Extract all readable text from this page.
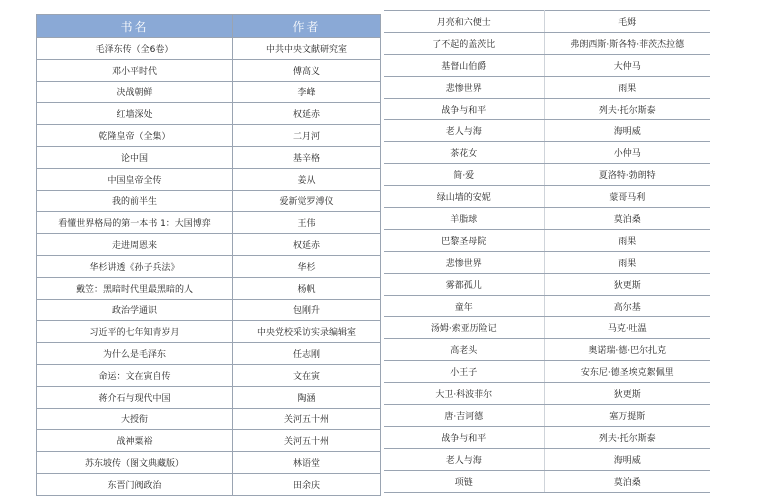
书名	作者
毛泽东传（全6卷）	中共中央文献研究室
邓小平时代	傅高义
决战朝鲜	李峰
红墙深处	权延赤
乾隆皇帝（全集）	二月河
论中国	基辛格
中国皇帝全传	姜从
我的前半生	爱新觉罗溥仪
看懂世界格局的第一本书 1：大国博弈	王伟
走进周恩来	权延赤
华杉讲透《孙子兵法》	华杉
戴笠：黑暗时代里最黑暗的人	杨帆
政治学通识	包刚升
习近平的七年知青岁月	中央党校采访实录编辑室
为什么是毛泽东	任志刚
命运：文在寅自传	文在寅
蒋介石与现代中国	陶涵
大授衔	关河五十州
战神粟裕	关河五十州
苏东坡传（图文典藏版）	林语堂
东晋门阀政治	田余庆
月亮和六便士	毛姆
了不起的盖茨比	弗朗西斯·斯各特·菲茨杰拉德
基督山伯爵	大仲马
悲惨世界	雨果
战争与和平	列夫·托尔斯泰
老人与海	海明威
茶花女	小仲马
简·爱	夏洛特·勃朗特
绿山墙的安妮	蒙哥马利
羊脂球	莫泊桑
巴黎圣母院	雨果
悲惨世界	雨果
雾都孤儿	狄更斯
童年	高尔基
汤姆·索亚历险记	马克·吐温
高老头	奥诺瑞·德·巴尔扎克
小王子	安东尼·德圣埃克絮佩里
大卫·科波菲尔	狄更斯
唐·吉诃德	塞万提斯
战争与和平	列夫·托尔斯泰
老人与海	海明威
项链	莫泊桑
